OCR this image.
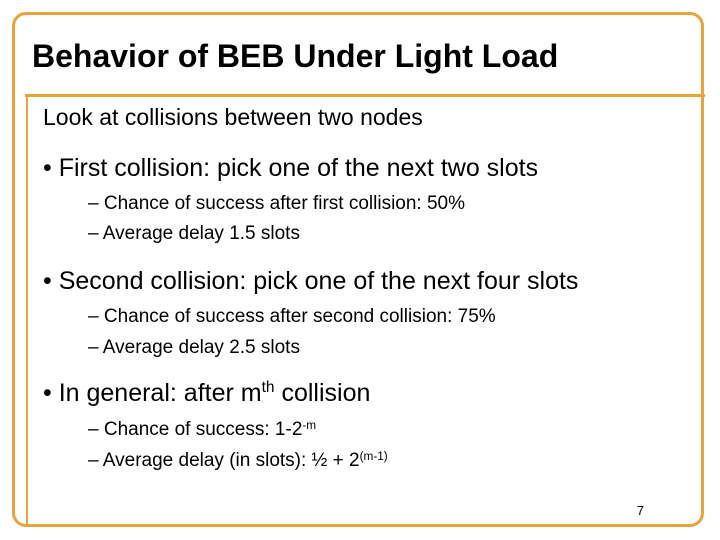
Behavior of BEB Under Light Load
Look at collisions between two nodes
• First collision: pick one of the next two slots
– Chance of success after first collision: 50%
– Average delay 1.5 slots
• Second collision: pick one of the next four slots
– Chance of success after second collision: 75%
– Average delay 2.5 slots
• In general: after $m^{th}$ collision
– Chance of success: $1-2^{-m}$
– Average delay (in slots): ½ + $2^{(m-1)}$
7
